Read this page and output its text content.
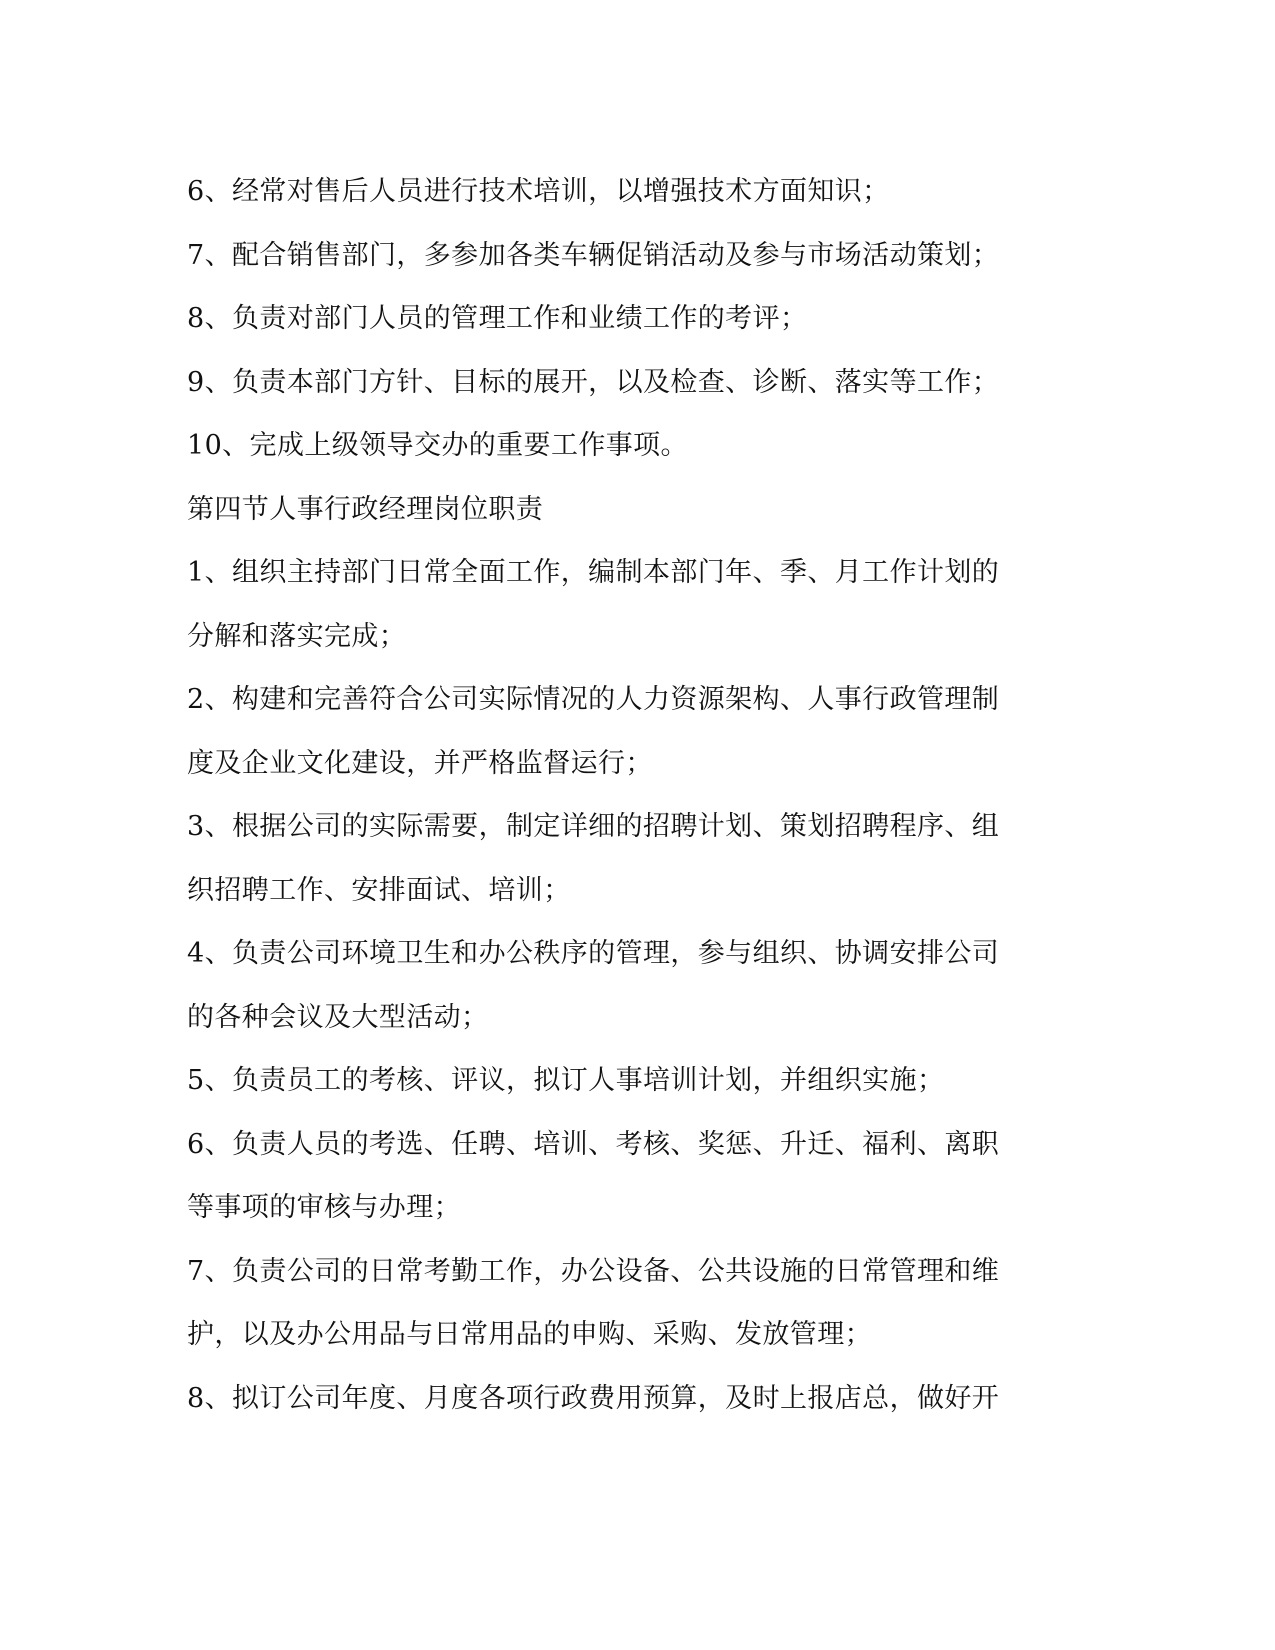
6、经常对售后人员进行技术培训，以增强技术方面知识；
7、配合销售部门，多参加各类车辆促销活动及参与市场活动策划；
8、负责对部门人员的管理工作和业绩工作的考评；
9、负责本部门方针、目标的展开，以及检查、诊断、落实等工作；
10、完成上级领导交办的重要工作事项。
第四节人事行政经理岗位职责
1、组织主持部门日常全面工作，编制本部门年、季、月工作计划的
分解和落实完成；
2、构建和完善符合公司实际情况的人力资源架构、人事行政管理制
度及企业文化建设，并严格监督运行；
3、根据公司的实际需要，制定详细的招聘计划、策划招聘程序、组
织招聘工作、安排面试、培训；
4、负责公司环境卫生和办公秩序的管理，参与组织、协调安排公司
的各种会议及大型活动；
5、负责员工的考核、评议，拟订人事培训计划，并组织实施；
6、负责人员的考选、任聘、培训、考核、奖惩、升迁、福利、离职
等事项的审核与办理；
7、负责公司的日常考勤工作，办公设备、公共设施的日常管理和维
护，以及办公用品与日常用品的申购、采购、发放管理；
8、拟订公司年度、月度各项行政费用预算，及时上报店总，做好开
